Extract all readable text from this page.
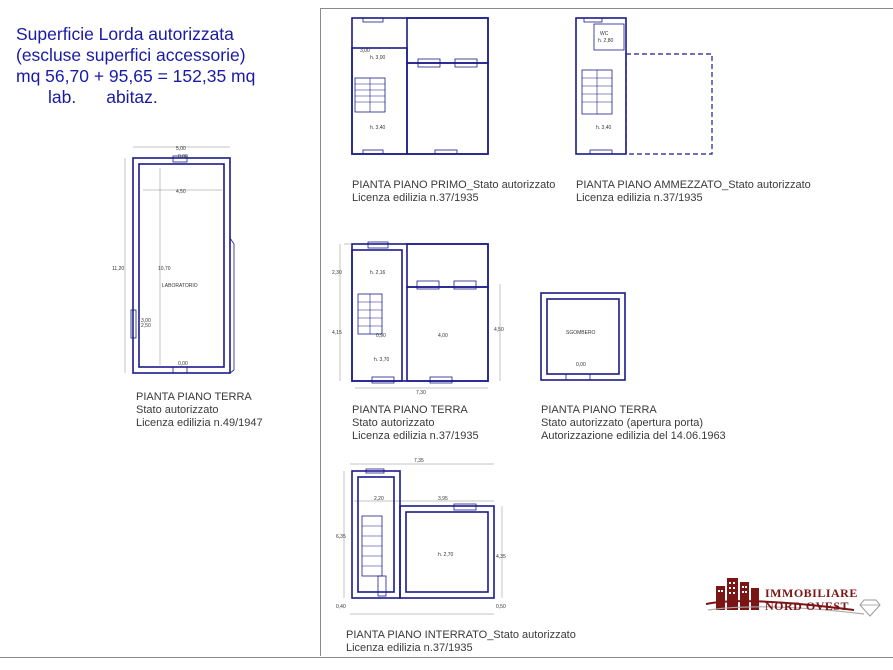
Superficie Lorda autorizzata
(escluse superfici accessorie)
mq 56,70 + 95,65 = 152,35 mq
lab. abitaz.
h. 3,00
h. 3,40
3,00
PIANTA PIANO PRIMO_Stato autorizzato
Licenza edilizia n.37/1935
WC
h. 2,80
h. 3,40
PIANTA PIANO AMMEZZATO_Stato autorizzato
Licenza edilizia n.37/1935
5,00
4,50
11,20	10,70
LABORATORIO
3,00
2,50
0,00
0,00
PIANTA PIANO TERRA
Stato autorizzato
Licenza edilizia n.49/1947
h. 2,16
h. 3,70
2,30
4,15	4,50
7,30
4,00
0,90
PIANTA PIANO TERRA
Stato autorizzato
Licenza edilizia n.37/1935
SGOMBERO
0,00
PIANTA PIANO TERRA
Stato autorizzato (apertura porta)
Autorizzazione edilizia del 14.06.1963
h. 2,70
7,35
2,20	3,95
6,35
4,35
0,40	0,50
PIANTA PIANO INTERRATO_Stato autorizzato
Licenza edilizia n.37/1935
IMMOBILIARE
NORD OVEST
